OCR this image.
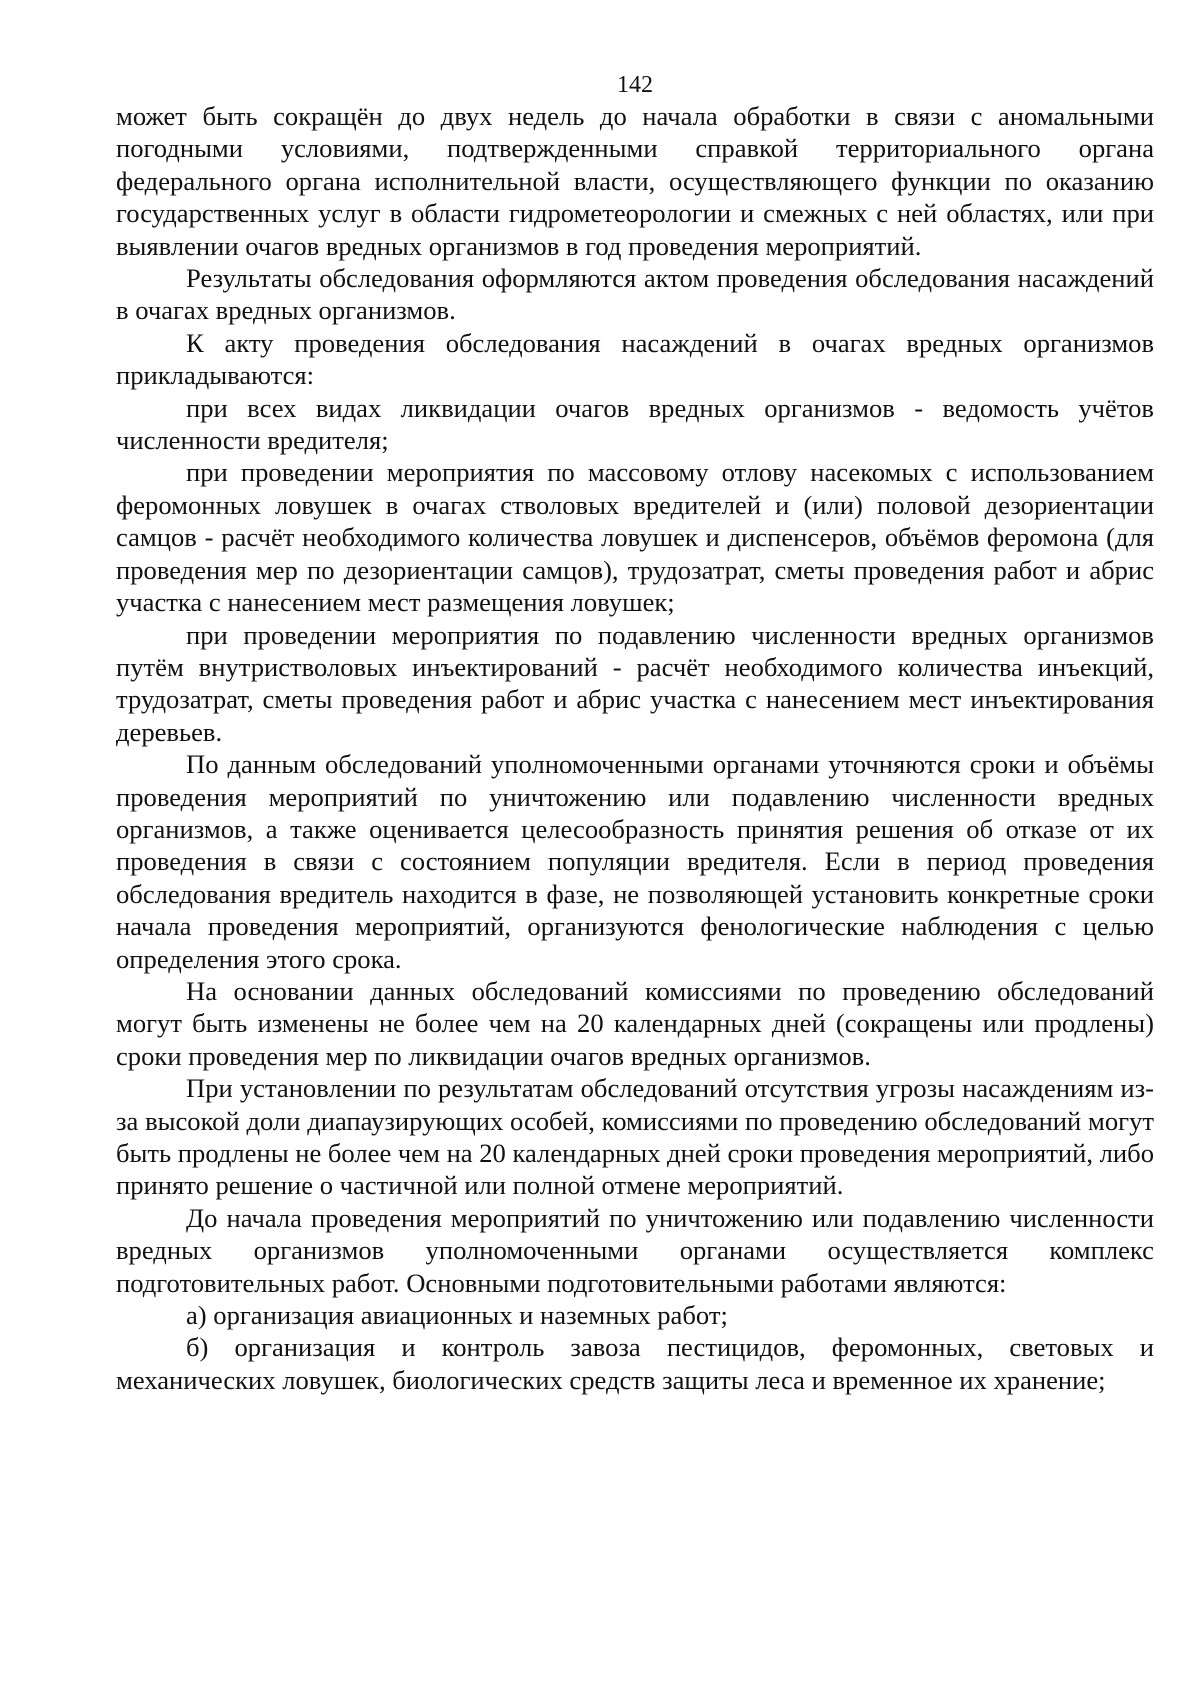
142

может быть сокращён до двух недель до начала обработки в связи с аномальными погодными условиями, подтвержденными справкой территориального органа федерального органа исполнительной власти, осуществляющего функции по оказанию государственных услуг в области гидрометеорологии и смежных с ней областях, или при выявлении очагов вредных организмов в год проведения мероприятий.

Результаты обследования оформляются актом проведения обследования насаждений в очагах вредных организмов.

К акту проведения обследования насаждений в очагах вредных организмов прикладываются:

при всех видах ликвидации очагов вредных организмов - ведомость учётов численности вредителя;

при проведении мероприятия по массовому отлову насекомых с использованием феромонных ловушек в очагах стволовых вредителей и (или) половой дезориентации самцов - расчёт необходимого количества ловушек и диспенсеров, объёмов феромона (для проведения мер по дезориентации самцов), трудозатрат, сметы проведения работ и абрис участка с нанесением мест размещения ловушек;

при проведении мероприятия по подавлению численности вредных организмов путём внутристволовых инъектирований - расчёт необходимого количества инъекций, трудозатрат, сметы проведения работ и абрис участка с нанесением мест инъектирования деревьев.

По данным обследований уполномоченными органами уточняются сроки и объёмы проведения мероприятий по уничтожению или подавлению численности вредных организмов, а также оценивается целесообразность принятия решения об отказе от их проведения в связи с состоянием популяции вредителя. Если в период проведения обследования вредитель находится в фазе, не позволяющей установить конкретные сроки начала проведения мероприятий, организуются фенологические наблюдения с целью определения этого срока.

На основании данных обследований комиссиями по проведению обследований могут быть изменены не более чем на 20 календарных дней (сокращены или продлены) сроки проведения мер по ликвидации очагов вредных организмов.

При установлении по результатам обследований отсутствия угрозы насаждениям из-за высокой доли диапаузирующих особей, комиссиями по проведению обследований могут быть продлены не более чем на 20 календарных дней сроки проведения мероприятий, либо принято решение о частичной или полной отмене мероприятий.

До начала проведения мероприятий по уничтожению или подавлению численности вредных организмов уполномоченными органами осуществляется комплекс подготовительных работ. Основными подготовительными работами являются:

а) организация авиационных и наземных работ;

б) организация и контроль завоза пестицидов, феромонных, световых и механических ловушек, биологических средств защиты леса и временное их хранение;
